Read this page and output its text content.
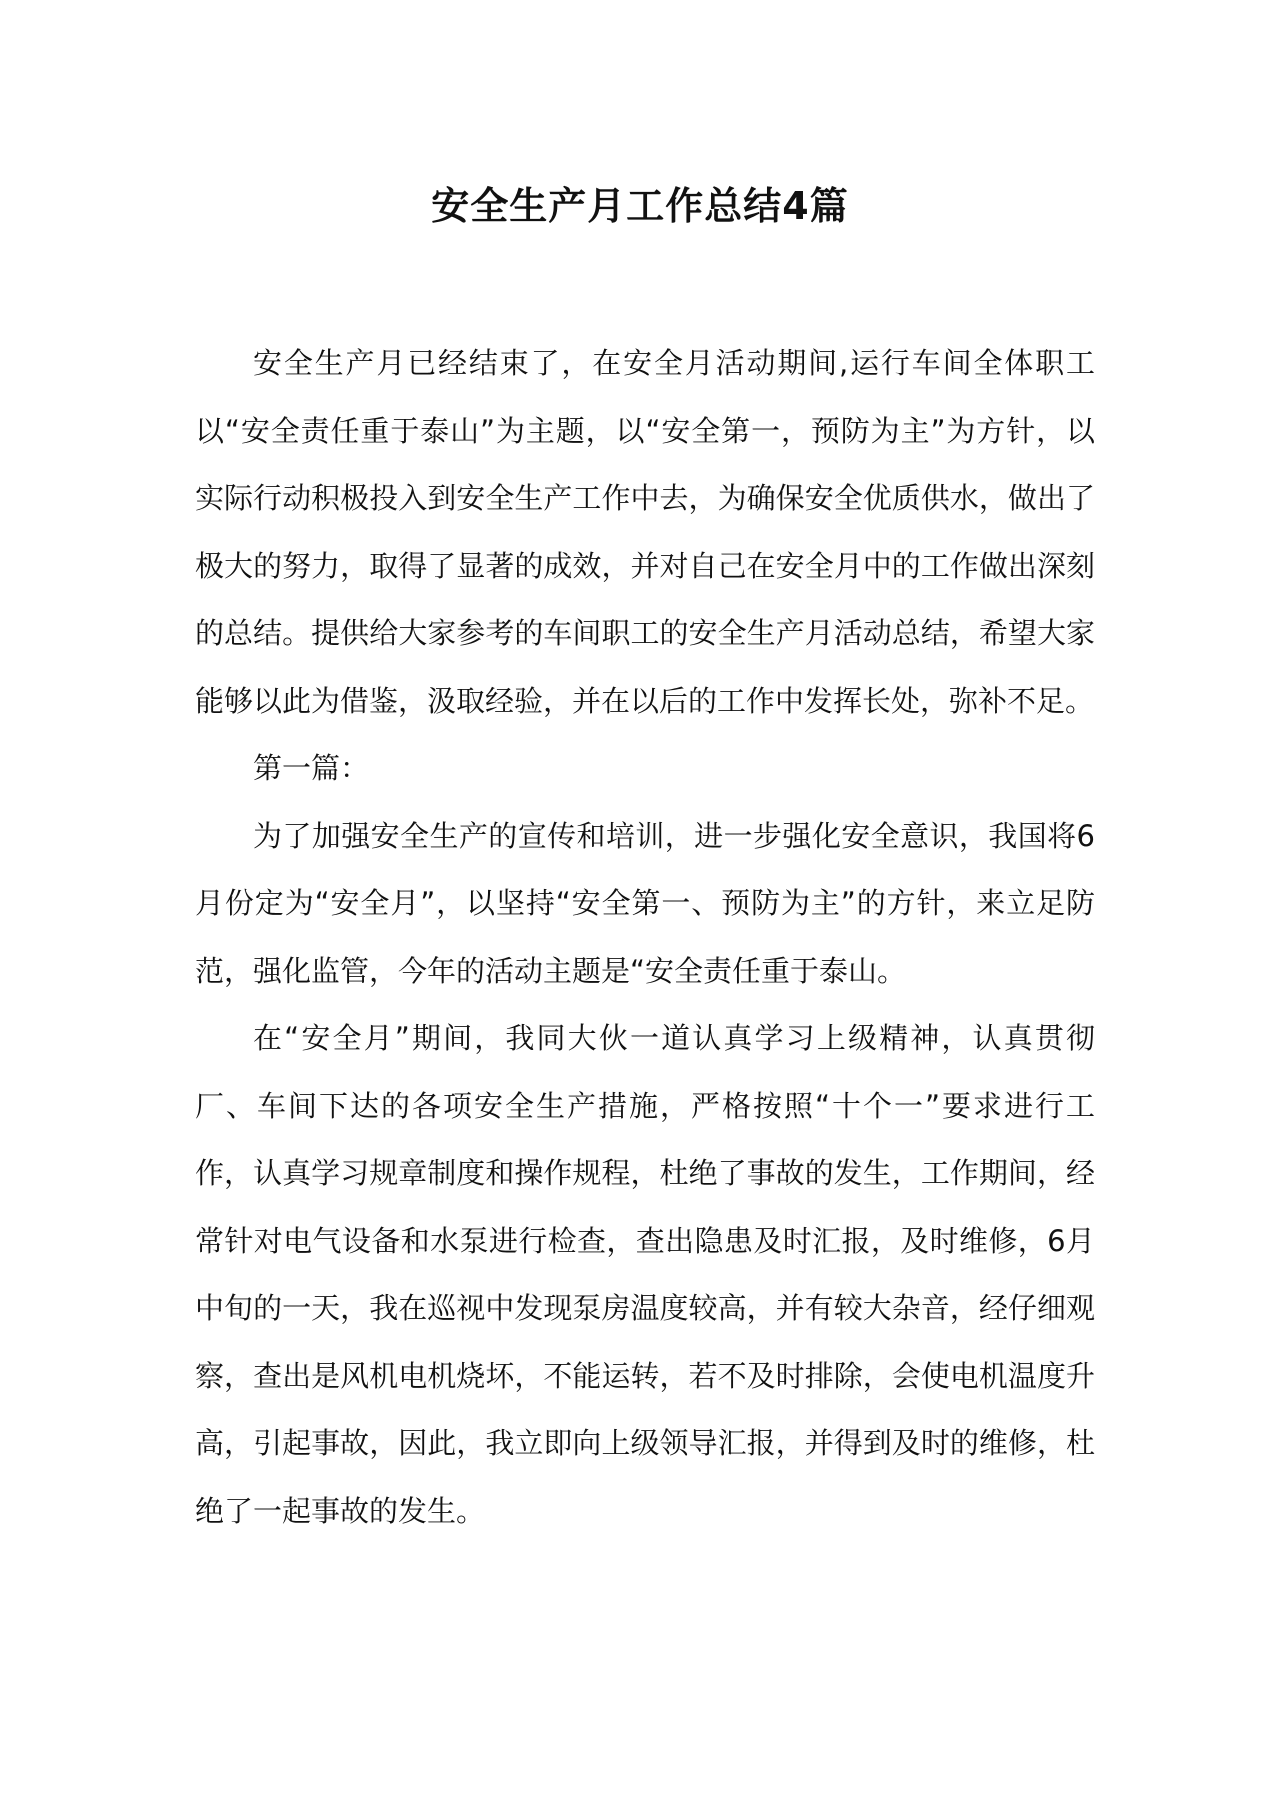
安全生产月工作总结4篇

安全生产月已经结束了，在安全月活动期间,运行车间全体职工以“安全责任重于泰山”为主题，以“安全第一，预防为主”为方针，以实际行动积极投入到安全生产工作中去，为确保安全优质供水，做出了极大的努力，取得了显著的成效，并对自己在安全月中的工作做出深刻的总结。提供给大家参考的车间职工的安全生产月活动总结，希望大家能够以此为借鉴，汲取经验，并在以后的工作中发挥长处，弥补不足。

第一篇：

为了加强安全生产的宣传和培训，进一步强化安全意识，我国将6 月份定为“安全月”，以坚持“安全第一、预防为主”的方针，来立足防范，强化监管，今年的活动主题是“安全责任重于泰山。

在“安全月”期间，我同大伙一道认真学习上级精神，认真贯彻厂、车间下达的各项安全生产措施，严格按照“十个一”要求进行工作，认真学习规章制度和操作规程，杜绝了事故的发生，工作期间，经常针对电气设备和水泵进行检查，查出隐患及时汇报，及时维修，6月中旬的一天，我在巡视中发现泵房温度较高，并有较大杂音，经仔细观察，查出是风机电机烧坏，不能运转，若不及时排除，会使电机温度升高，引起事故，因此，我立即向上级领导汇报，并得到及时的维修，杜绝了一起事故的发生。
